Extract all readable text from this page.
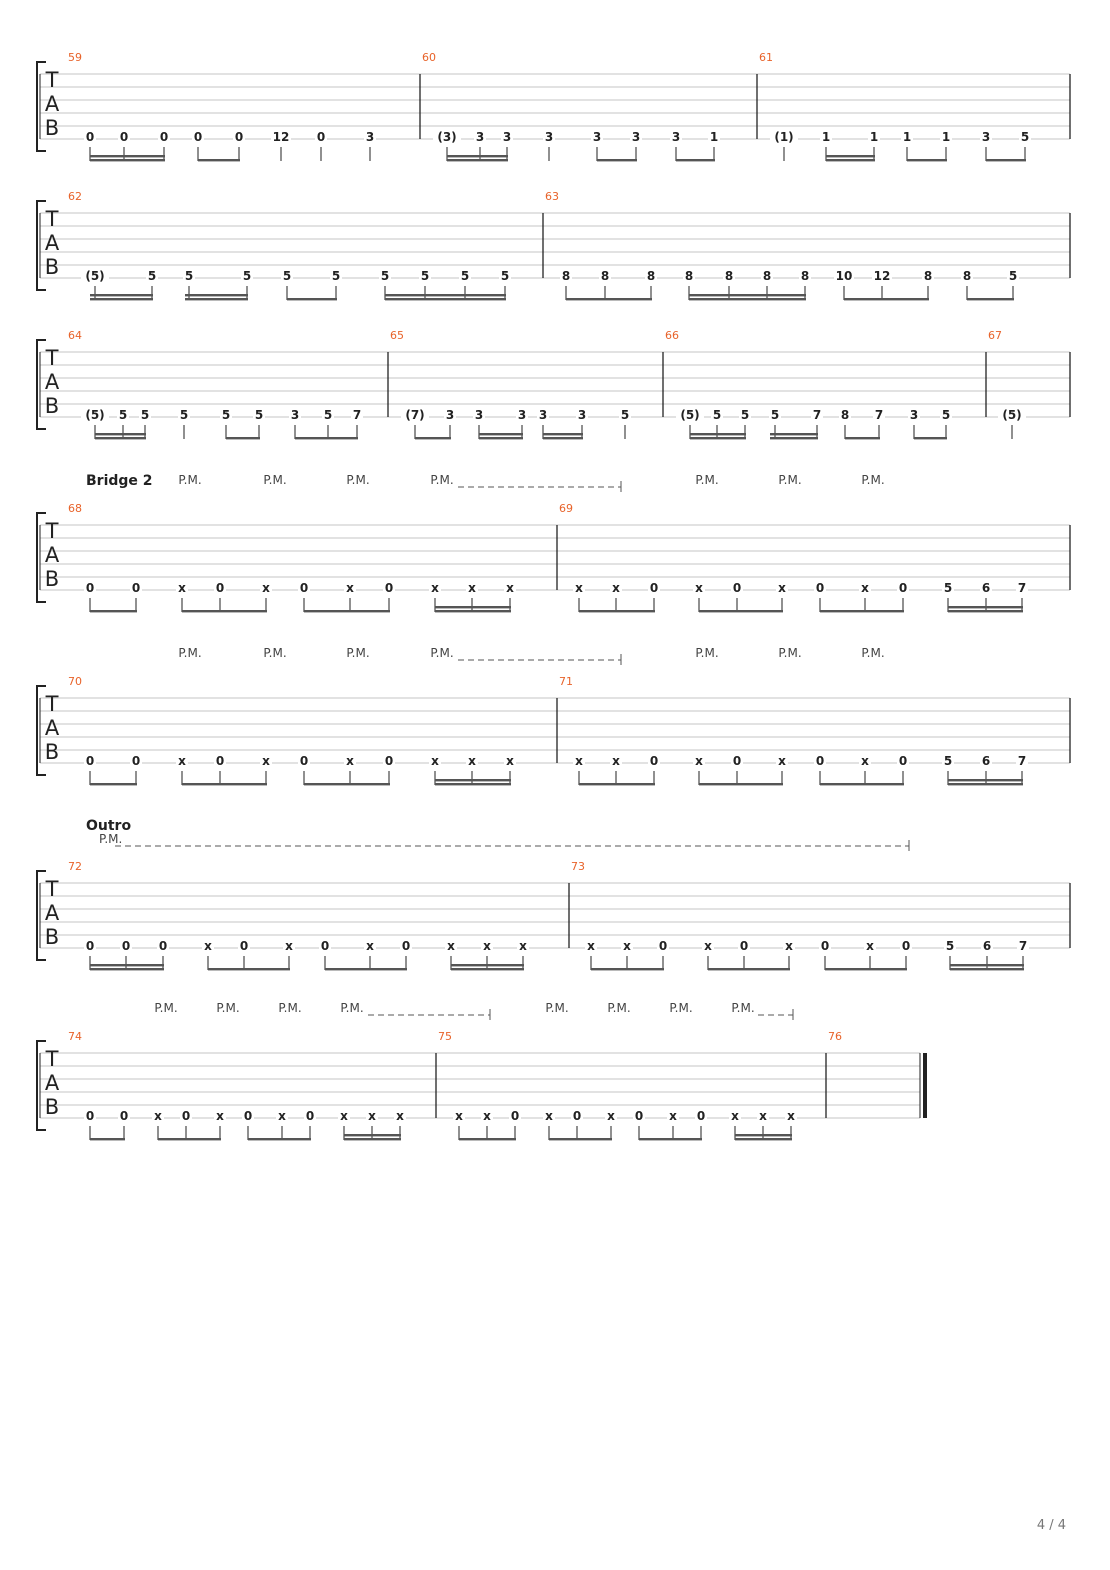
T
A
B
59
0 0	0 0	0 12 0	3
60
(3) 3 3	3	3	3	3 1
61
(1) 1	1 1	1	3	5
T
A
B
62
(5)	5 5	5	5	5	5	5	5	5
63
8	8	8 8	8 8 8 10 12	8	8	5
T
A
B
64
(5) 5 5	5	5 5 3 5 7
65
(7) 3 3	3 3	3	5
66
(5) 5 5 5	7 8 7 3 5
67
(5)
T
A
B
68
0	0	x 0	x 0	x	0	x x	x
69
x x 0	x 0	x 0	x 0	5 6 7
Bridge 2 P.M.	P.M.	P.M.	P.M.	P.M.	P.M.	P.M.
T
A
B
70
0	0	x 0	x 0	x	0	x x	x
71
x x 0	x 0	x 0	x 0	5 6 7
P.M.	P.M.	P.M.	P.M.	P.M.	P.M.	P.M.
T
A
B
72
0 0 0	x 0	x 0	x 0	x x x
73
x x 0	x 0	x 0	x 0	5 6 7
Outro
P.M.
T
A
B
74
0 0 x 0 x 0 x 0 x x x
75
x x 0 x 0 x 0 x 0 x x x
76
P.M.	P.M.	P.M.	P.M.	P.M.	P.M.	P.M.	P.M.
4 / 4
